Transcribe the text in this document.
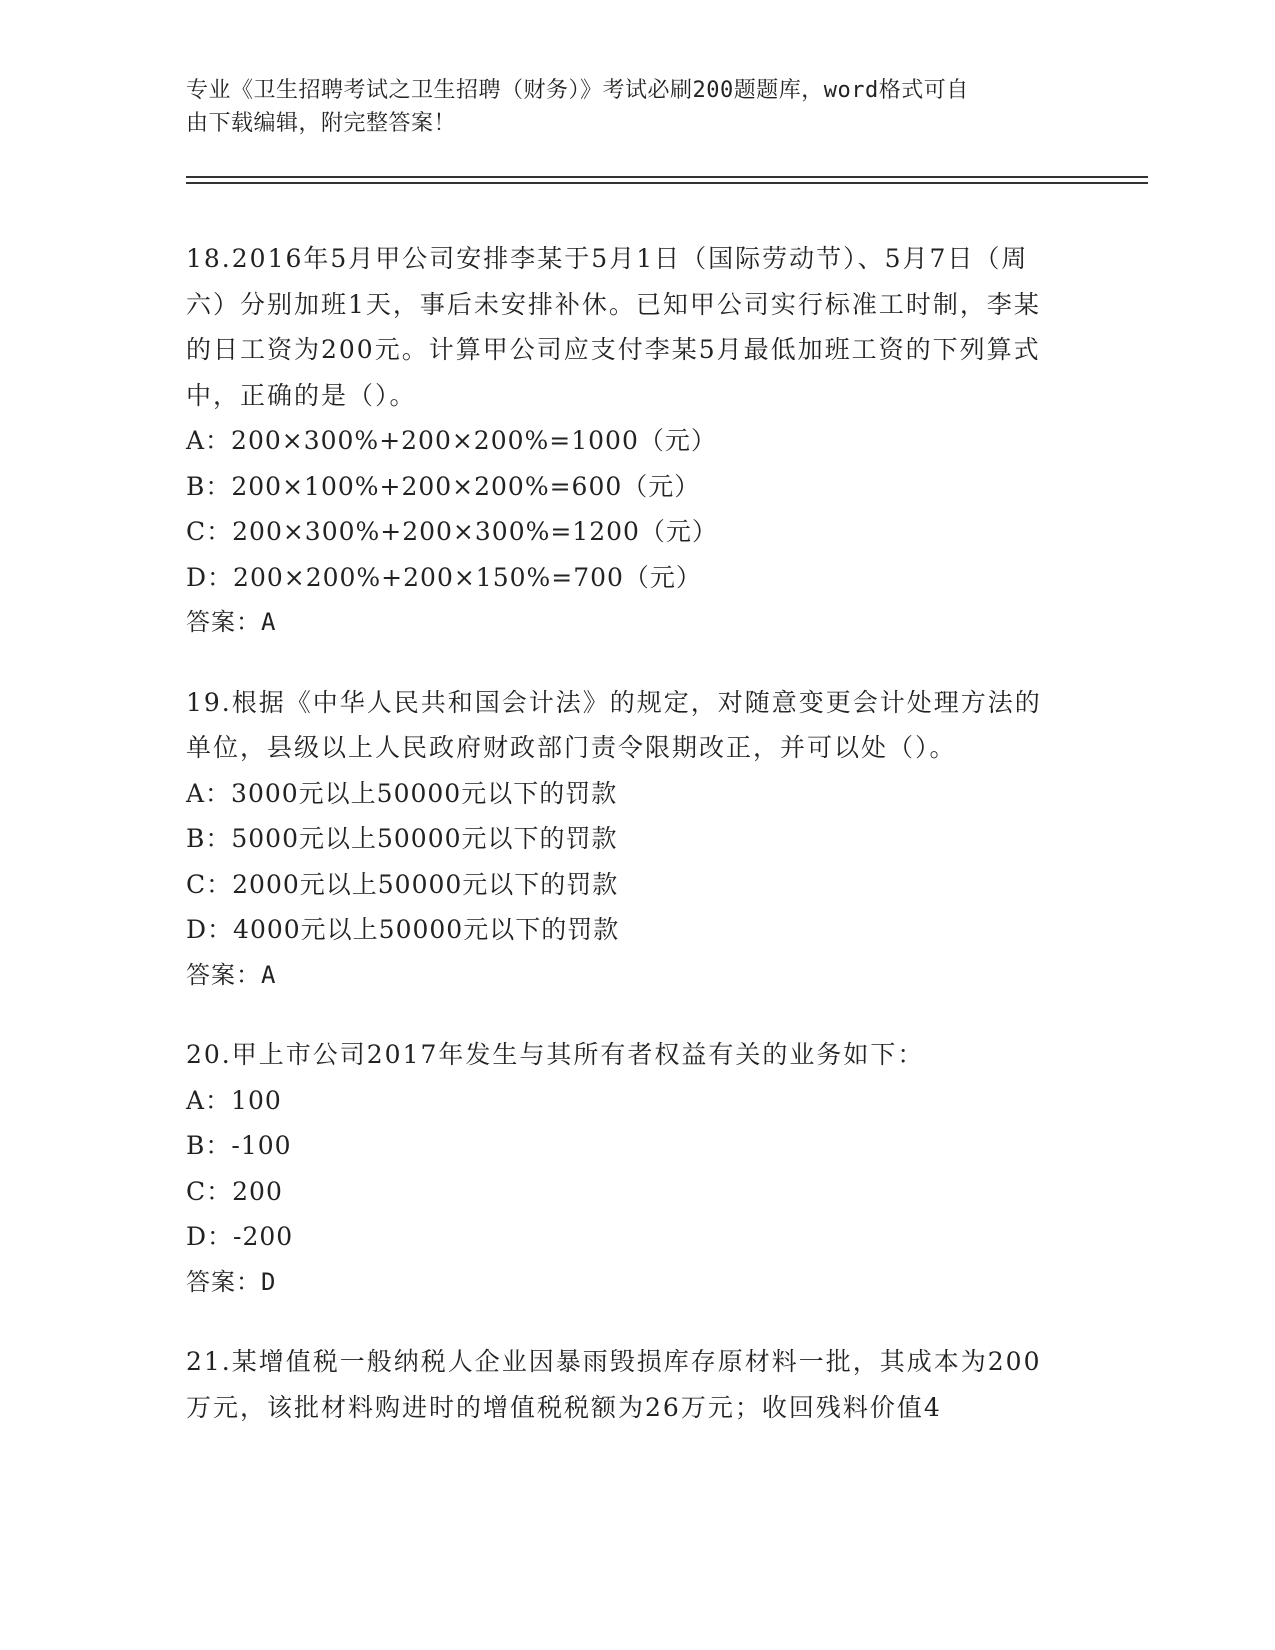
专业《卫生招聘考试之卫生招聘（财务）》考试必刷200题题库，word格式可自
由下载编辑，附完整答案！
18.2016年5月甲公司安排李某于5月1日（国际劳动节）、5月7日（周六）分别加班1天，事后未安排补休。已知甲公司实行标准工时制，李某的日工资为200元。计算甲公司应支付李某5月最低加班工资的下列算式中，正确的是（）。
A：200×300%+200×200%=1000（元）
B：200×100%+200×200%=600（元）
C：200×300%+200×300%=1200（元）
D：200×200%+200×150%=700（元）
答案：A
19.根据《中华人民共和国会计法》的规定，对随意变更会计处理方法的单位，县级以上人民政府财政部门责令限期改正，并可以处（）。
A：3000元以上50000元以下的罚款
B：5000元以上50000元以下的罚款
C：2000元以上50000元以下的罚款
D：4000元以上50000元以下的罚款
答案：A
20.甲上市公司2017年发生与其所有者权益有关的业务如下：
A：100
B：-100
C：200
D：-200
答案：D
21.某增值税一般纳税人企业因暴雨毁损库存原材料一批，其成本为200万元，该批材料购进时的增值税税额为26万元；收回残料价值4
